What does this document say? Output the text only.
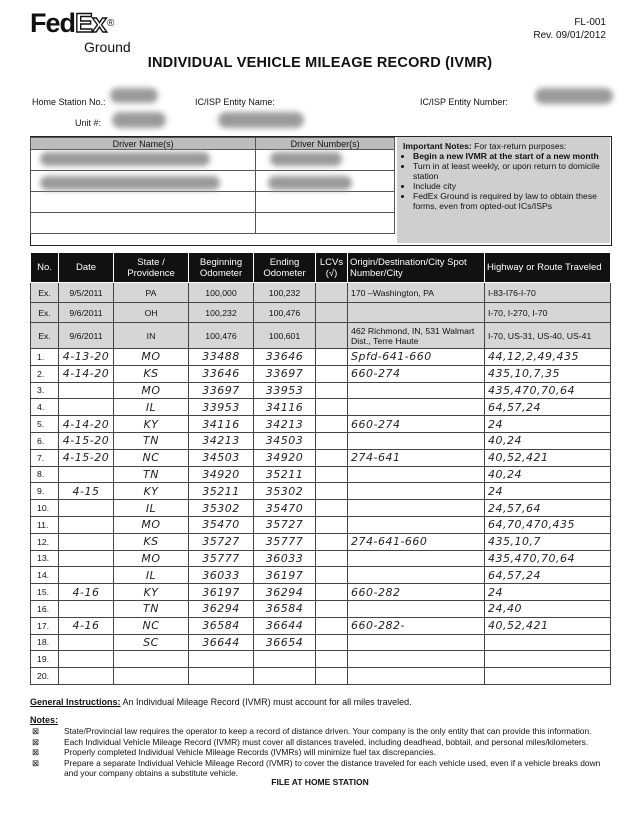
FedEx®
Ground
FL-001
Rev. 09/01/2012
INDIVIDUAL VEHICLE MILEAGE RECORD (IVMR)
Home Station No.:	IC/ISP Entity Name:	IC/ISP Entity Number:
Unit #:
Driver Name(s)	Driver Number(s)

		Important Notes: For tax-return purposes:
• Begin a new IVMR at the start of a new month
• Turn in at least weekly, or upon return to domicile station
• Include city
• FedEx Ground is required by law to obtain these forms, even from opted-out ICs/ISPs
No.	Date	State / Providence	Beginning Odometer	Ending Odometer	LCVs (√)	Origin/Destination/City Spot Number/City	Highway or Route Traveled
Ex.	9/5/2011	PA	100,000	100,232		170 –Washington, PA	I-83-I76-I-70
Ex.	9/6/2011	OH	100,232	100,476			I-70, I-270, I-70
Ex.	9/6/2011	IN	100,476	100,601		462 Richmond, IN, 531 Walmart Dist., Terre Haute	I-70, US-31, US-40, US-41
1.	4-13-20	MO	33488	33646		Spfd-641-660	44,12,2,49,435
2.	4-14-20	KS	33646	33697		660-274	435,10,7,35
3.		MO	33697	33953			435,470,70,64
4.		IL	33953	34116			64,57,24
5.	4-14-20	KY	34116	34213		660-274	24
6.	4-15-20	TN	34213	34503			40,24
7.	4-15-20	NC	34503	34920		274-641	40,52,421
8.		TN	34920	35211			40,24
9.	4-15	KY	35211	35302			24
10.		IL	35302	35470			24,57,64
11.		MO	35470	35727			64,70,470,435
12.		KS	35727	35777		274-641-660	435,10,7
13.		MO	35777	36033			435,470,70,64
14.		IL	36033	36197			64,57,24
15.	4-16	KY	36197	36294		660-282	24
16.		TN	36294	36584			24,40
17.	4-16	NC	36584	36644		660-282-	40,52,421
18.		SC	36644	36654			
19.							
20.							
General Instructions: An Individual Mileage Record (IVMR) must account for all miles traveled.
Notes:
⊠	State/Provincial law requires the operator to keep a record of distance driven. Your company is the only entity that can provide this information.
⊠	Each Individual Vehicle Mileage Record (IVMR) must cover all distances traveled, including deadhead, bobtail, and personal miles/kilometers.
⊠	Properly completed Individual Vehicle Mileage Records (IVMRs) will minimize fuel tax discrepancies.
⊠	Prepare a separate Individual Vehicle Mileage Record (IVMR) to cover the distance traveled for each vehicle used, even if a vehicle breaks down and your company obtains a substitute vehicle.
FILE AT HOME STATION
